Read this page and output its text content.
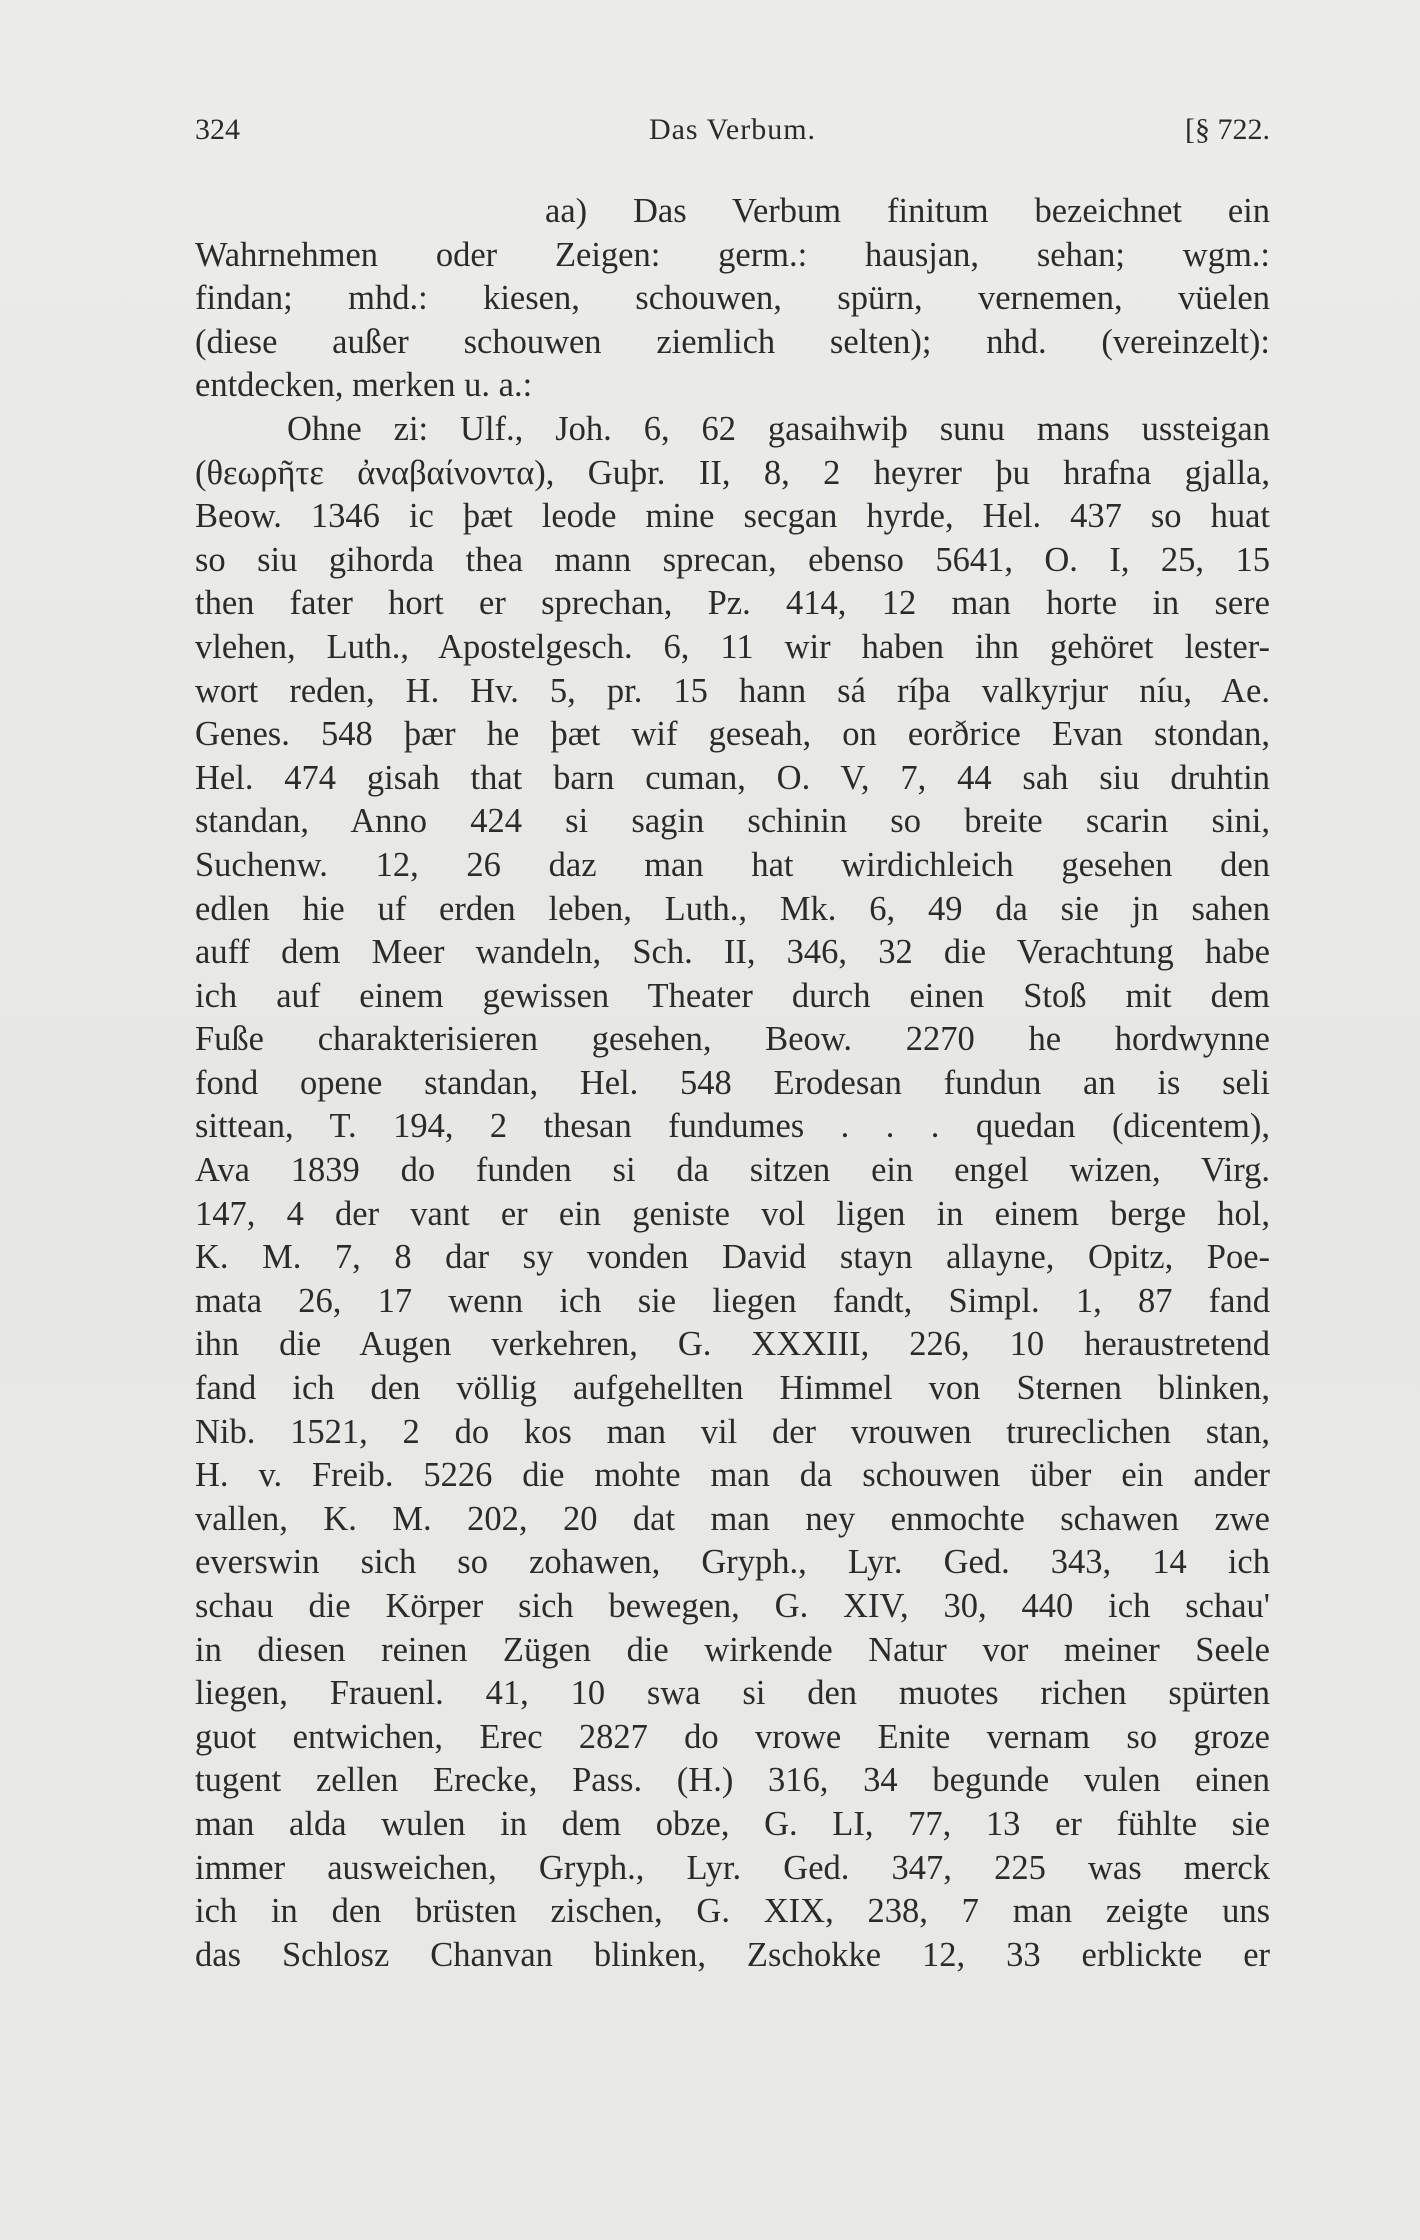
324	Das Verbum.	[§ 722.
aa) Das Verbum finitum bezeichnet ein
Wahrnehmen oder Zeigen: germ.: hausjan, sehan; wgm.:
findan; mhd.: kiesen, schouwen, spürn, vernemen, vüelen
(diese außer schouwen ziemlich selten); nhd. (vereinzelt):
entdecken, merken u. a.:
Ohne zi: Ulf., Joh. 6, 62 gasaihwiþ sunu mans ussteigan
(θεωρῆτε ἀναβαίνοντα), Guþr. II, 8, 2 heyrer þu hrafna gjalla,
Beow. 1346 ic þæt leode mine secgan hyrde, Hel. 437 so huat
so siu gihorda thea mann sprecan, ebenso 5641, O. I, 25, 15
then fater hort er sprechan, Pz. 414, 12 man horte in sere
vlehen, Luth., Apostelgesch. 6, 11 wir haben ihn gehöret lester-
wort reden, H. Hv. 5, pr. 15 hann sá ríþa valkyrjur níu, Ae.
Genes. 548 þær he þæt wif geseah, on eorðrice Evan stondan,
Hel. 474 gisah that barn cuman, O. V, 7, 44 sah siu druhtin
standan, Anno 424 si sagin schinin so breite scarin sini,
Suchenw. 12, 26 daz man hat wirdichleich gesehen den
edlen hie uf erden leben, Luth., Mk. 6, 49 da sie jn sahen
auff dem Meer wandeln, Sch. II, 346, 32 die Verachtung habe
ich auf einem gewissen Theater durch einen Stoß mit dem
Fuße charakterisieren gesehen, Beow. 2270 he hordwynne
fond opene standan, Hel. 548 Erodesan fundun an is seli
sittean, T. 194, 2 thesan fundumes . . . quedan (dicentem),
Ava 1839 do funden si da sitzen ein engel wizen, Virg.
147, 4 der vant er ein geniste vol ligen in einem berge hol,
K. M. 7, 8 dar sy vonden David stayn allayne, Opitz, Poe-
mata 26, 17 wenn ich sie liegen fandt, Simpl. 1, 87 fand
ihn die Augen verkehren, G. XXXIII, 226, 10 heraustretend
fand ich den völlig aufgehellten Himmel von Sternen blinken,
Nib. 1521, 2 do kos man vil der vrouwen trureclichen stan,
H. v. Freib. 5226 die mohte man da schouwen über ein ander
vallen, K. M. 202, 20 dat man ney enmochte schawen zwe
everswin sich so zohawen, Gryph., Lyr. Ged. 343, 14 ich
schau die Körper sich bewegen, G. XIV, 30, 440 ich schau'
in diesen reinen Zügen die wirkende Natur vor meiner Seele
liegen, Frauenl. 41, 10 swa si den muotes richen spürten
guot entwichen, Erec 2827 do vrowe Enite vernam so groze
tugent zellen Erecke, Pass. (H.) 316, 34 begunde vulen einen
man alda wulen in dem obze, G. LI, 77, 13 er fühlte sie
immer ausweichen, Gryph., Lyr. Ged. 347, 225 was merck
ich in den brüsten zischen, G. XIX, 238, 7 man zeigte uns
das Schlosz Chanvan blinken, Zschokke 12, 33 erblickte er
